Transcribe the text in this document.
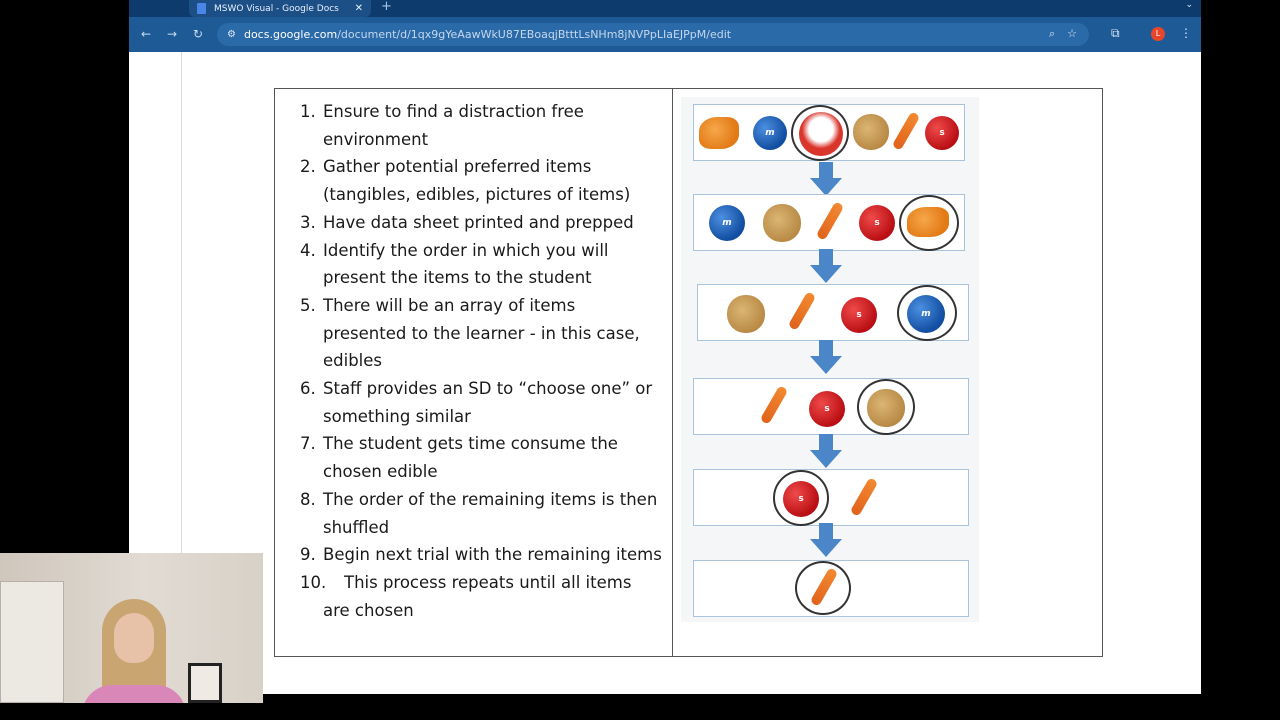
MSWO Visual - Google Docs	✕ +	⌄
← → ↻ ⚙ docs.google.com /document/d/1qx9gYeAawWkU87EBoaqjBtttLsNHm8jNVPpLIaEJPpM/edit	⌕ ☆	⧉	L	⋮
1. Ensure to find a distraction free environment
2. Gather potential preferred items (tangibles, edibles, pictures of items)
3. Have data sheet printed and prepped
4. Identify the order in which you will present the items to the student
5. There will be an array of items presented to the learner - in this case, edibles
6. Staff provides an SD to “choose one” or something similar
7. The student gets time consume the chosen edible
8. The order of the remaining items is then shuffled
9. Begin next trial with the remaining items
10.
This process repeats until all items are chosen
m	s
m	s
s	m
s
s
